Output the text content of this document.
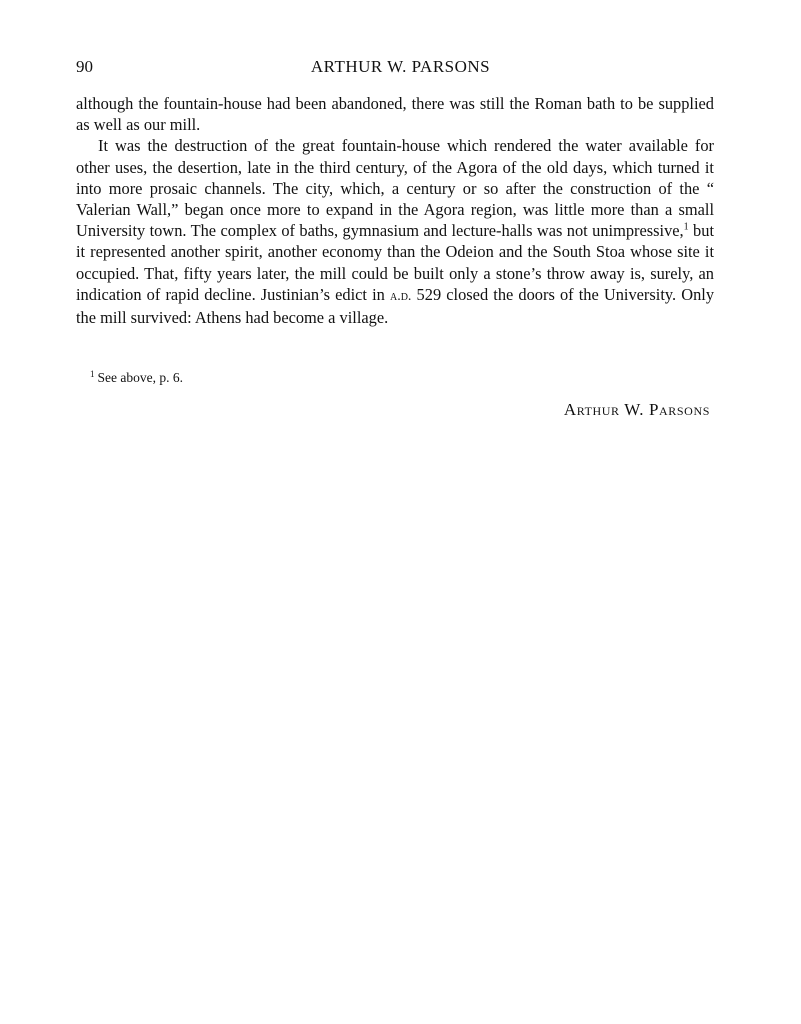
90	ARTHUR W. PARSONS

although the fountain-house had been abandoned, there was still the Roman bath to be supplied as well as our mill.

It was the destruction of the great fountain-house which rendered the water available for other uses, the desertion, late in the third century, of the Agora of the old days, which turned it into more prosaic channels. The city, which, a century or so after the construction of the “ Valerian Wall,” began once more to expand in the Agora region, was little more than a small University town. The complex of baths, gymnasium and lecture-halls was not unimpressive,$^1$ but it represented another spirit, another economy than the Odeion and the South Stoa whose site it occupied. That, fifty years later, the mill could be built only a stone’s throw away is, surely, an indication of rapid decline. Justinian’s edict in a.d. 529 closed the doors of the University. Only the mill survived: Athens had become a village.

$^1$ See above, p. 6.
Arthur W. Parsons
